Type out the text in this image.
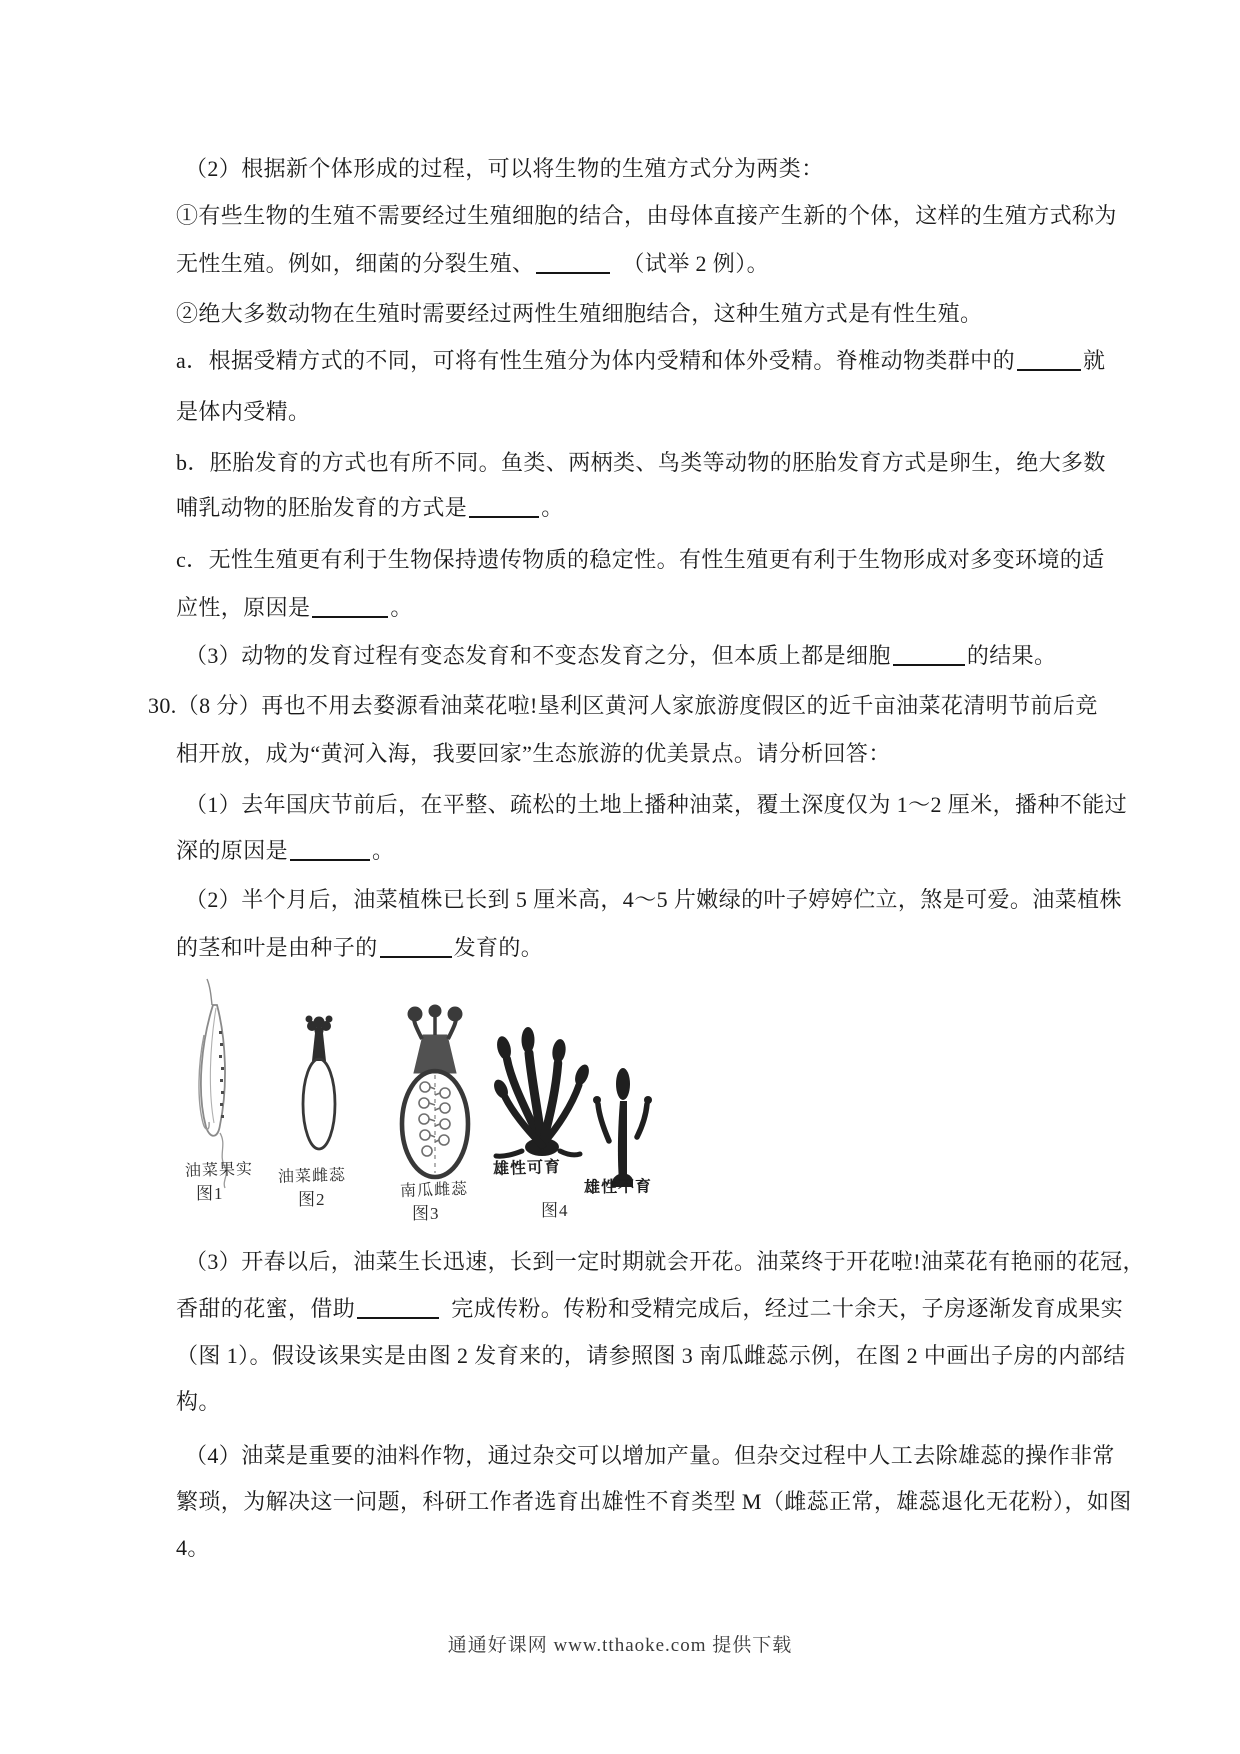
（2）根据新个体形成的过程，可以将生物的生殖方式分为两类：
①有些生物的生殖不需要经过生殖细胞的结合，由母体直接产生新的个体，这样的生殖方式称为
无性生殖。例如，细菌的分裂生殖、	（试举 2 例）。
②绝大多数动物在生殖时需要经过两性生殖细胞结合，这种生殖方式是有性生殖。
a．根据受精方式的不同，可将有性生殖分为体内受精和体外受精。脊椎动物类群中的	就
是体内受精。
b．胚胎发育的方式也有所不同。鱼类、两柄类、鸟类等动物的胚胎发育方式是卵生，绝大多数
哺乳动物的胚胎发育的方式是	。
c．无性生殖更有利于生物保持遗传物质的稳定性。有性生殖更有利于生物形成对多变环境的适
应性，原因是	。
（3）动物的发育过程有变态发育和不变态发育之分，但本质上都是细胞	的结果。
30.（8 分）再也不用去婺源看油菜花啦!垦利区黄河人家旅游度假区的近千亩油菜花清明节前后竞
相开放，成为“黄河入海，我要回家”生态旅游的优美景点。请分析回答：
（1）去年国庆节前后，在平整、疏松的土地上播种油菜，覆土深度仅为 1～2 厘米，播种不能过
深的原因是	。
（2）半个月后，油菜植株已长到 5 厘米高，4～5 片嫩绿的叶子婷婷伫立，煞是可爱。油菜植株
的茎和叶是由种子的	发育的。
油菜果实
图1
油菜雌蕊
图2	南瓜雌蕊
图3
雄性可育
雄性不育
图4
（3）开春以后，油菜生长迅速，长到一定时期就会开花。油菜终于开花啦!油菜花有艳丽的花冠，
香甜的花蜜，借助	完成传粉。传粉和受精完成后，经过二十余天，子房逐渐发育成果实
（图 1）。假设该果实是由图 2 发育来的，请参照图 3 南瓜雌蕊示例，在图 2 中画出子房的内部结
构。
（4）油菜是重要的油料作物，通过杂交可以增加产量。但杂交过程中人工去除雄蕊的操作非常
繁琐，为解决这一问题，科研工作者选育出雄性不育类型 M（雌蕊正常，雄蕊退化无花粉），如图
4。
通通好课网 www.tthaoke.com 提供下载
